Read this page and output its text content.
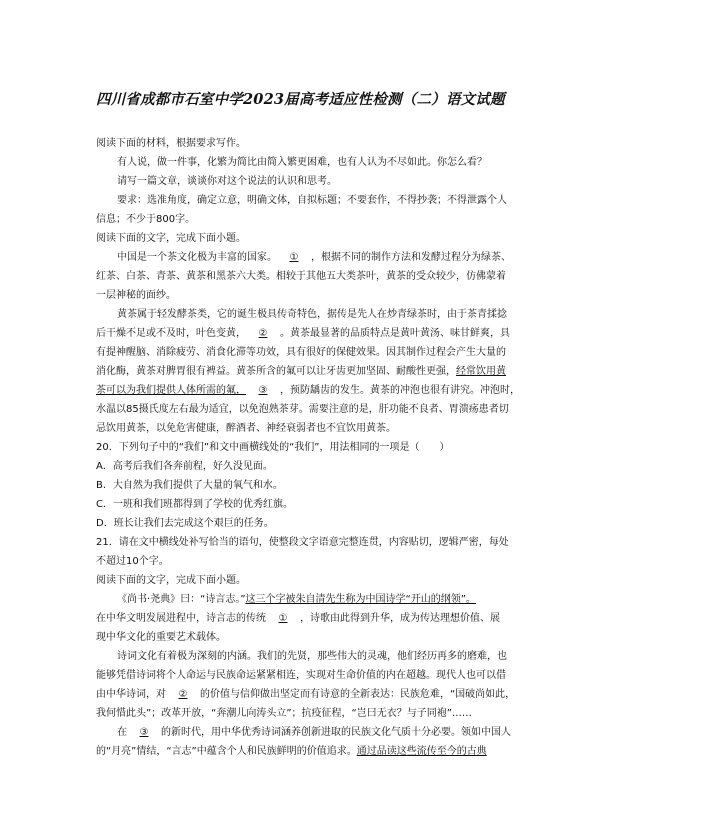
四川省成都市石室中学2023届高考适应性检测（二）语文试题
阅读下面的材料，根据要求写作。
有人说，做一件事，化繁为简比由简入繁更困难，也有人认为不尽如此。你怎么看？
请写一篇文章，谈谈你对这个说法的认识和思考。
要求：选准角度，确定立意，明确文体，自拟标题；不要套作，不得抄袭；不得泄露个人
信息；不少于800字。
阅读下面的文字，完成下面小题。
中国是一个茶文化极为丰富的国家。 ① ，根据不同的制作方法和发酵过程分为绿茶、
红茶、白茶、青茶、黄茶和黑茶六大类。相较于其他五大类茶叶，黄茶的受众较少，仿佛蒙着
一层神秘的面纱。
黄茶属于轻发酵茶类，它的诞生极具传奇特色，据传是先人在炒青绿茶时，由于茶青揉捻
后干燥不足或不及时，叶色变黄， ② 。黄茶最显著的品质特点是黄叶黄汤、味甘鲜爽，具
有提神醒脑、消除疲劳、消食化滞等功效，具有很好的保健效果。因其制作过程会产生大量的
消化酶，黄茶对脾胃很有裨益。黄茶所含的氟可以让牙齿更加坚固、耐酸性更强，经常饮用黄
茶可以为我们提供人体所需的氟， ③ ，预防龋齿的发生。黄茶的冲泡也很有讲究。冲泡时，
水温以85摄氏度左右最为适宜，以免泡熟茶芽。需要注意的是，肝功能不良者、胃溃疡患者切
忌饮用黄茶，以免危害健康，醉酒者、神经衰弱者也不宜饮用黄茶。
20．下列句子中的“我们”和文中画横线处的“我们”，用法相同的一项是（　　）
A．高考后我们各奔前程，好久没见面。
B．大自然为我们提供了大量的氧气和水。
C．一班和我们班都得到了学校的优秀红旗。
D．班长让我们去完成这个艰巨的任务。
21．请在文中横线处补写恰当的语句，使整段文字语意完整连贯，内容贴切，逻辑严密，每处
不超过10个字。
阅读下面的文字，完成下面小题。
《尚书·尧典》曰：“诗言志。”这三个字被朱自清先生称为中国诗学“开山的纲领”。
在中华文明发展进程中，诗言志的传统 ① ，诗歌由此得到升华，成为传达理想价值、展
现中华文化的重要艺术载体。
诗词文化有着极为深刻的内涵。我们的先贤，那些伟大的灵魂，他们经历再多的磨难，也
能够凭借诗词将个人命运与民族命运紧紧相连，实现对生命价值的内在超越。现代人也可以借
由中华诗词，对 ② 的价值与信仰做出坚定而有诗意的全新表达：民族危难，“国破尚如此，
我何惜此头”；改革开放，“奔潮儿向涛头立”；抗疫征程，“岂曰无衣？与子同袍”……
在 ③ 的新时代，用中华优秀诗词涵养创新进取的民族文化气质十分必要。领如中国人
的“月亮”情结，“言志”中蕴含个人和民族鲜明的价值追求。通过品读这些流传至今的古典
